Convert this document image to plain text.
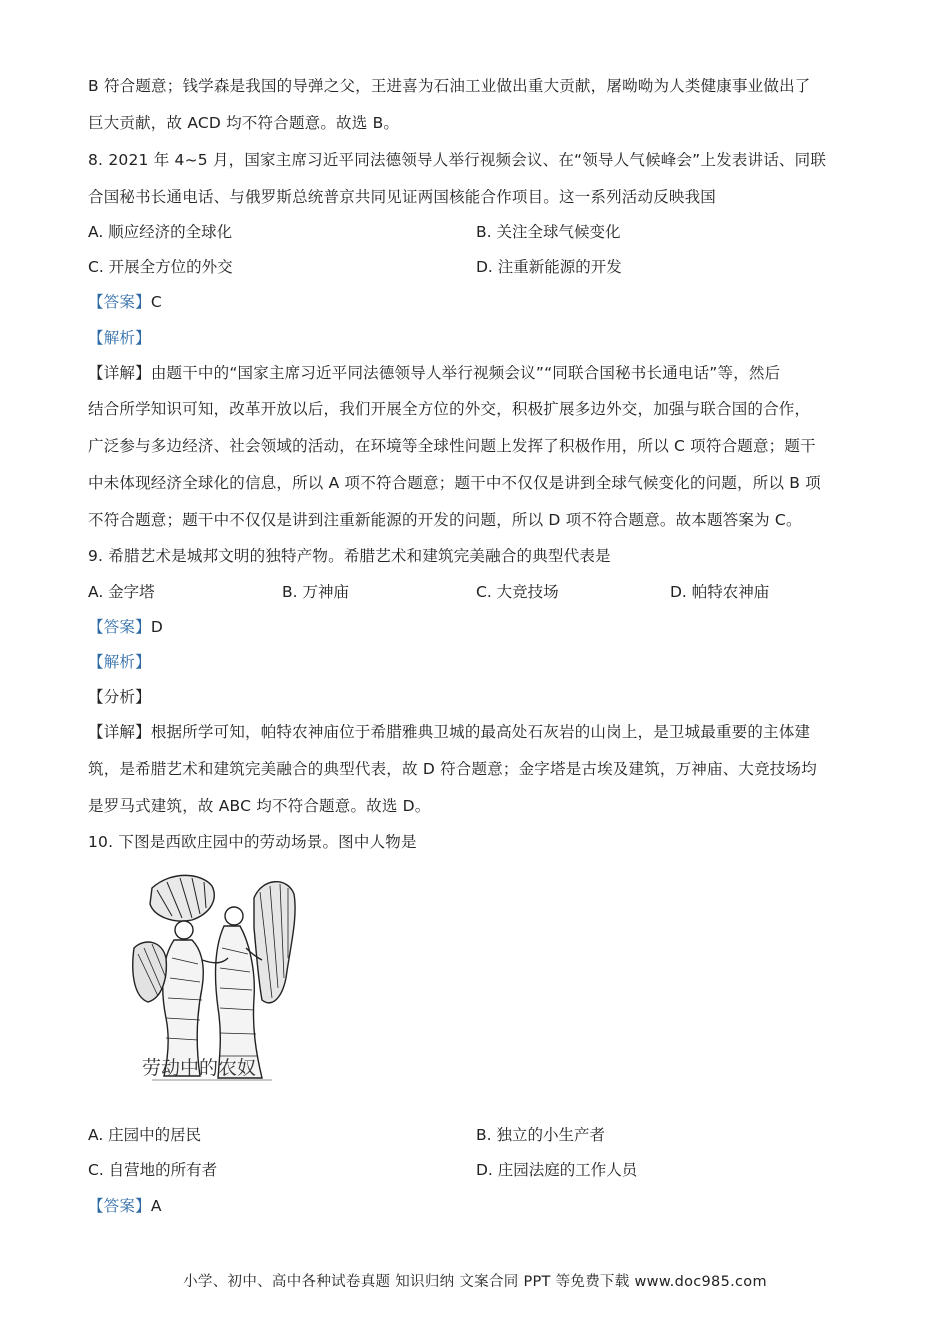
B 符合题意；钱学森是我国的导弹之父，王进喜为石油工业做出重大贡献，屠呦呦为人类健康事业做出了
巨大贡献，故 ACD 均不符合题意。故选 B。
8. 2021 年 4~5 月，国家主席习近平同法德领导人举行视频会议、在“领导人气候峰会”上发表讲话、同联
合国秘书长通电话、与俄罗斯总统普京共同见证两国核能合作项目。这一系列活动反映我国
A. 顺应经济的全球化	B. 关注全球气候变化
C. 开展全方位的外交	D. 注重新能源的开发
【答案】C
【解析】
【详解】由题干中的“国家主席习近平同法德领导人举行视频会议”“同联合国秘书长通电话”等，然后
结合所学知识可知，改革开放以后，我们开展全方位的外交，积极扩展多边外交，加强与联合国的合作，
广泛参与多边经济、社会领域的活动，在环境等全球性问题上发挥了积极作用，所以 C 项符合题意；题干
中未体现经济全球化的信息，所以 A 项不符合题意；题干中不仅仅是讲到全球气候变化的问题，所以 B 项
不符合题意；题干中不仅仅是讲到注重新能源的开发的问题，所以 D 项不符合题意。故本题答案为 C。
9. 希腊艺术是城邦文明的独特产物。希腊艺术和建筑完美融合的典型代表是
A. 金字塔	B. 万神庙	C. 大竞技场	D. 帕特农神庙
【答案】D
【解析】
【分析】
【详解】根据所学可知，帕特农神庙位于希腊雅典卫城的最高处石灰岩的山岗上，是卫城最重要的主体建
筑，是希腊艺术和建筑完美融合的典型代表，故 D 符合题意；金字塔是古埃及建筑，万神庙、大竞技场均
是罗马式建筑，故 ABC 均不符合题意。故选 D。
10. 下图是西欧庄园中的劳动场景。图中人物是
劳动中的农奴
A. 庄园中的居民	B. 独立的小生产者
C. 自营地的所有者	D. 庄园法庭的工作人员
【答案】A
小学、初中、高中各种试卷真题 知识归纳 文案合同 PPT 等免费下载 www.doc985.com
